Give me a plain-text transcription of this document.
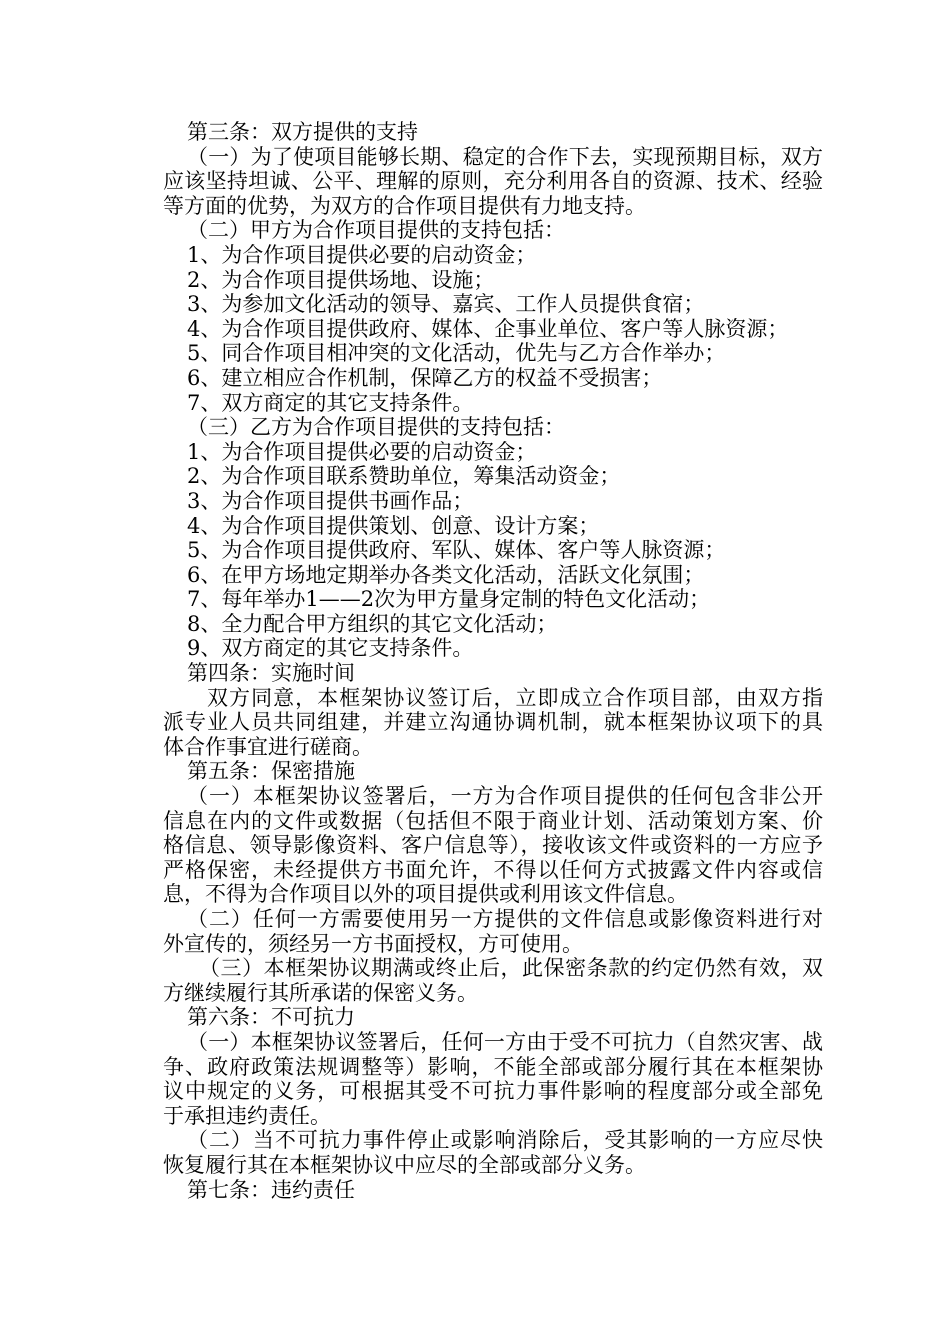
第三条：双方提供的支持
（一）为了使项目能够长期、稳定的合作下去，实现预期目标，双方
应该坚持坦诚、公平、理解的原则，充分利用各自的资源、技术、经验
等方面的优势，为双方的合作项目提供有力地支持。
（二）甲方为合作项目提供的支持包括：
1、为合作项目提供必要的启动资金；
2、为合作项目提供场地、设施；
3、为参加文化活动的领导、嘉宾、工作人员提供食宿；
4、为合作项目提供政府、媒体、企事业单位、客户等人脉资源；
5、同合作项目相冲突的文化活动，优先与乙方合作举办；
6、建立相应合作机制，保障乙方的权益不受损害；
7、双方商定的其它支持条件。
（三）乙方为合作项目提供的支持包括：
1、为合作项目提供必要的启动资金；
2、为合作项目联系赞助单位，筹集活动资金；
3、为合作项目提供书画作品；
4、为合作项目提供策划、创意、设计方案；
5、为合作项目提供政府、军队、媒体、客户等人脉资源；
6、在甲方场地定期举办各类文化活动，活跃文化氛围；
7、每年举办1——2次为甲方量身定制的特色文化活动；
8、全力配合甲方组织的其它文化活动；
9、双方商定的其它支持条件。
第四条：实施时间
双方同意，本框架协议签订后，立即成立合作项目部，由双方指
派专业人员共同组建，并建立沟通协调机制，就本框架协议项下的具
体合作事宜进行磋商。
第五条：保密措施
（一）本框架协议签署后，一方为合作项目提供的任何包含非公开
信息在内的文件或数据（包括但不限于商业计划、活动策划方案、价
格信息、领导影像资料、客户信息等），接收该文件或资料的一方应予
严格保密，未经提供方书面允许，不得以任何方式披露文件内容或信
息，不得为合作项目以外的项目提供或利用该文件信息。
（二）任何一方需要使用另一方提供的文件信息或影像资料进行对
外宣传的，须经另一方书面授权，方可使用。
（三）本框架协议期满或终止后，此保密条款的约定仍然有效，双
方继续履行其所承诺的保密义务。
第六条：不可抗力
（一）本框架协议签署后，任何一方由于受不可抗力（自然灾害、战
争、政府政策法规调整等）影响，不能全部或部分履行其在本框架协
议中规定的义务，可根据其受不可抗力事件影响的程度部分或全部免
于承担违约责任。
（二）当不可抗力事件停止或影响消除后，受其影响的一方应尽快
恢复履行其在本框架协议中应尽的全部或部分义务。
第七条：违约责任
